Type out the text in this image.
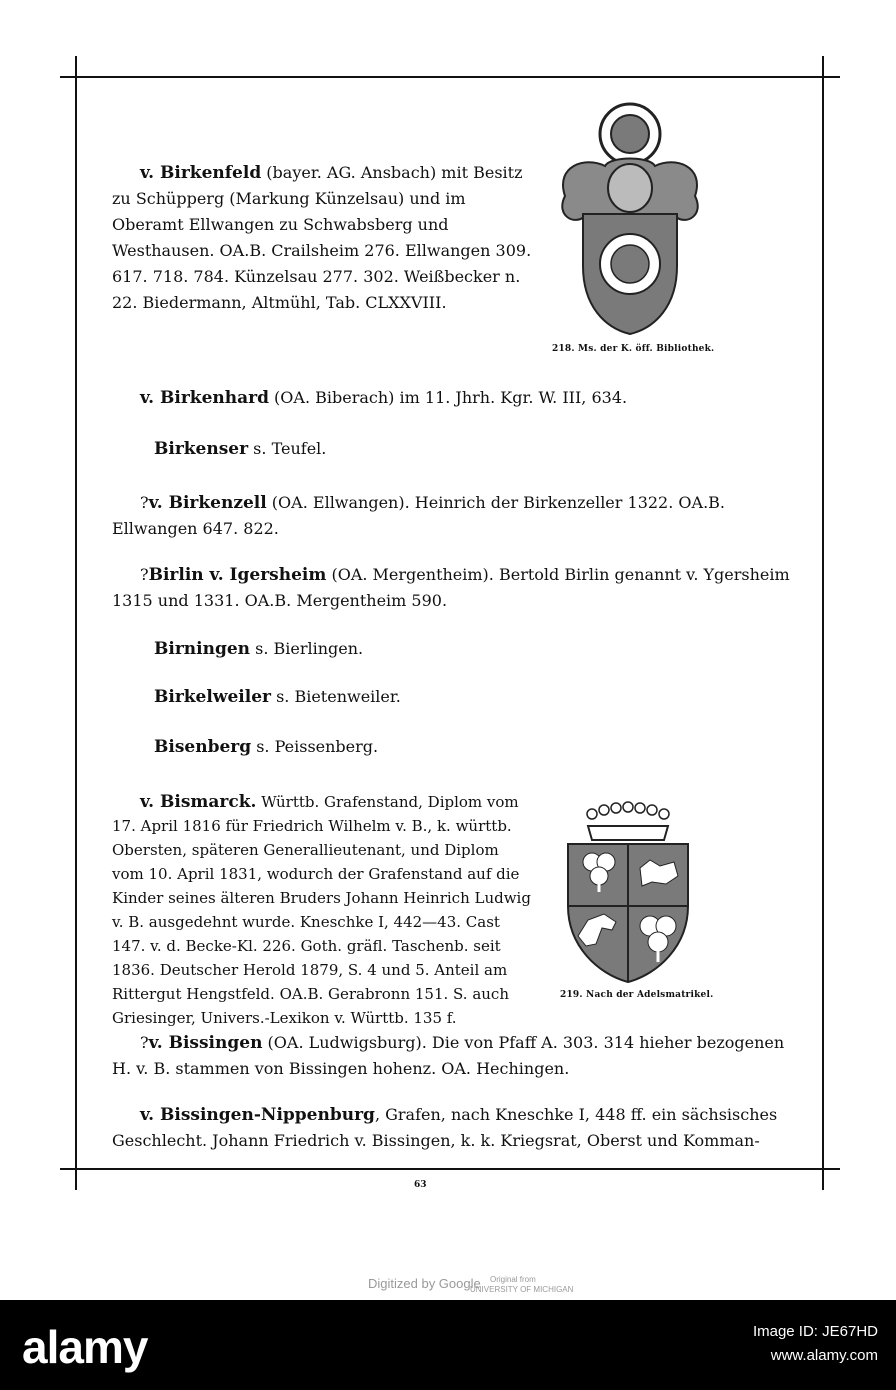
218. Ms. der K. öff. Bibliothek.
219. Nach der Adelsmatrikel.
v. Birkenfeld (bayer. AG. Ansbach) mit Besitz zu Schüpperg (Markung Künzelsau) und im Oberamt Ellwangen zu Schwabsberg und Westhausen. OA.B. Crailsheim 276. Ellwangen 309. 617. 718. 784. Künzelsau 277. 302. Weißbecker n. 22. Biedermann, Altmühl, Tab. CLXXVIII.
v. Birkenhard (OA. Biberach) im 11. Jhrh. Kgr. W. III, 634.
Birkenser s. Teufel.
?v. Birkenzell (OA. Ellwangen). Heinrich der Birkenzeller 1322. OA.B. Ellwangen 647. 822.
?Birlin v. Igersheim (OA. Mergentheim). Bertold Birlin genannt v. Ygersheim 1315 und 1331. OA.B. Mergentheim 590.
Birningen s. Bierlingen.
Birkelweiler s. Bietenweiler.
Bisenberg s. Peissenberg.
v. Bismarck. Württb. Grafenstand, Diplom vom 17. April 1816 für Friedrich Wilhelm v. B., k. württb. Obersten, späteren Generallieutenant, und Diplom vom 10. April 1831, wodurch der Grafenstand auf die Kinder seines älteren Bruders Johann Heinrich Ludwig v. B. ausgedehnt wurde. Kneschke I, 442—43. Cast 147. v. d. Becke-Kl. 226. Goth. gräfl. Taschenb. seit 1836. Deutscher Herold 1879, S. 4 und 5. Anteil am Rittergut Hengstfeld. OA.B. Gerabronn 151. S. auch Griesinger, Univers.-Lexikon v. Württb. 135 f.
?v. Bissingen (OA. Ludwigsburg). Die von Pfaff A. 303. 314 hieher bezogenen H. v. B. stammen von Bissingen hohenz. OA. Hechingen.
v. Bissingen-Nippenburg, Grafen, nach Kneschke I, 448 ff. ein sächsisches Geschlecht. Johann Friedrich v. Bissingen, k. k. Kriegsrat, Oberst und Komman-
63
Digitized by Google Original from
UNIVERSITY OF MICHIGAN
alamy	Image ID: JE67HD
www.alamy.com
